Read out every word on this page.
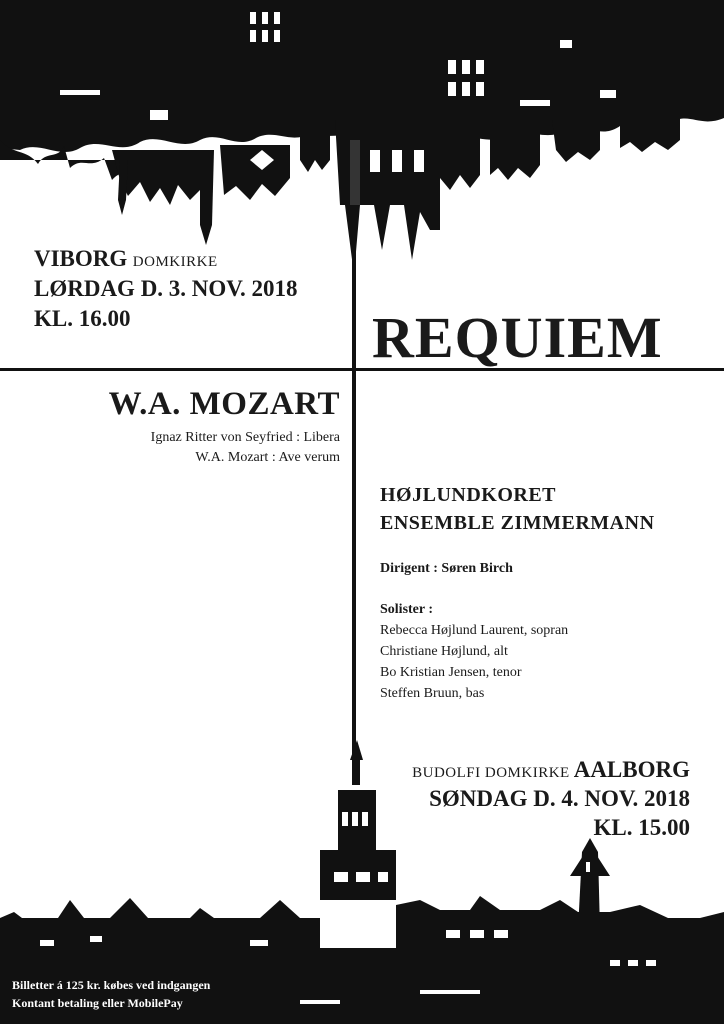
VIBORG DOMKIRKE

LØRDAG D. 3. NOV. 2018

KL. 16.00	REQUIEM
W.A. MOZART

Ignaz Ritter von Seyfried : Libera

W.A. Mozart : Ave verum

HØJLUNDKORET

ENSEMBLE ZIMMERMANN

Dirigent : Søren Birch

Solister :

Rebecca Højlund Laurent, sopran

Christiane Højlund, alt

Bo Kristian Jensen, tenor

Steffen Bruun, bas

BUDOLFI DOMKIRKE AALBORG

SØNDAG D. 4. NOV. 2018

KL. 15.00

Billetter á 125 kr. købes ved indgangen

Kontant betaling eller MobilePay
